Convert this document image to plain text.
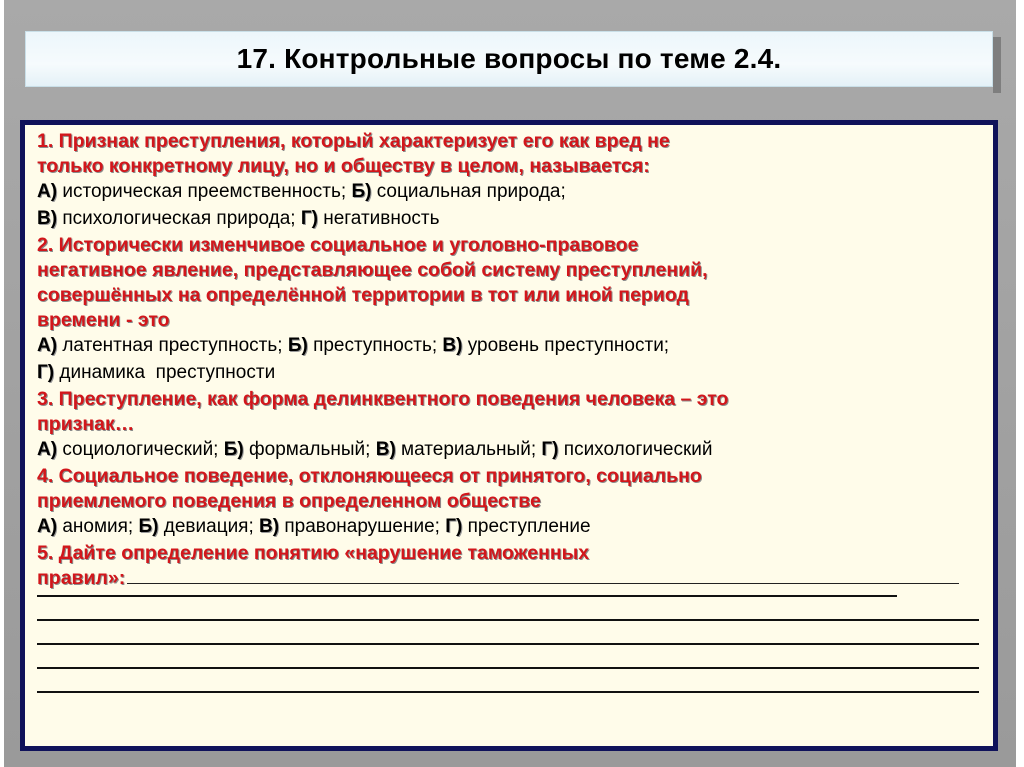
17. Контрольные вопросы по теме 2.4.

1. Признак преступления, который характеризует его как вред не

только конкретному лицу, но и обществу в целом, называется:

А) историческая преемственность; Б) социальная природа;

В) психологическая природа; Г) негативность

2. Исторически изменчивое социальное и уголовно-правовое

негативное явление, представляющее собой систему преступлений,

совершённых на определённой территории в тот или иной период

времени - это

А) латентная преступность; Б) преступность; В) уровень преступности;

Г) динамика  преступности

3. Преступление, как форма делинквентного поведения человека – это

признак…

А) социологический; Б) формальный; В) материальный; Г) психологический

4. Социальное поведение, отклоняющееся от принятого, социально

приемлемого поведения в определенном обществе

А) аномия; Б) девиация; В) правонарушение; Г) преступление

5. Дайте определение понятию «нарушение таможенных

правил»:
